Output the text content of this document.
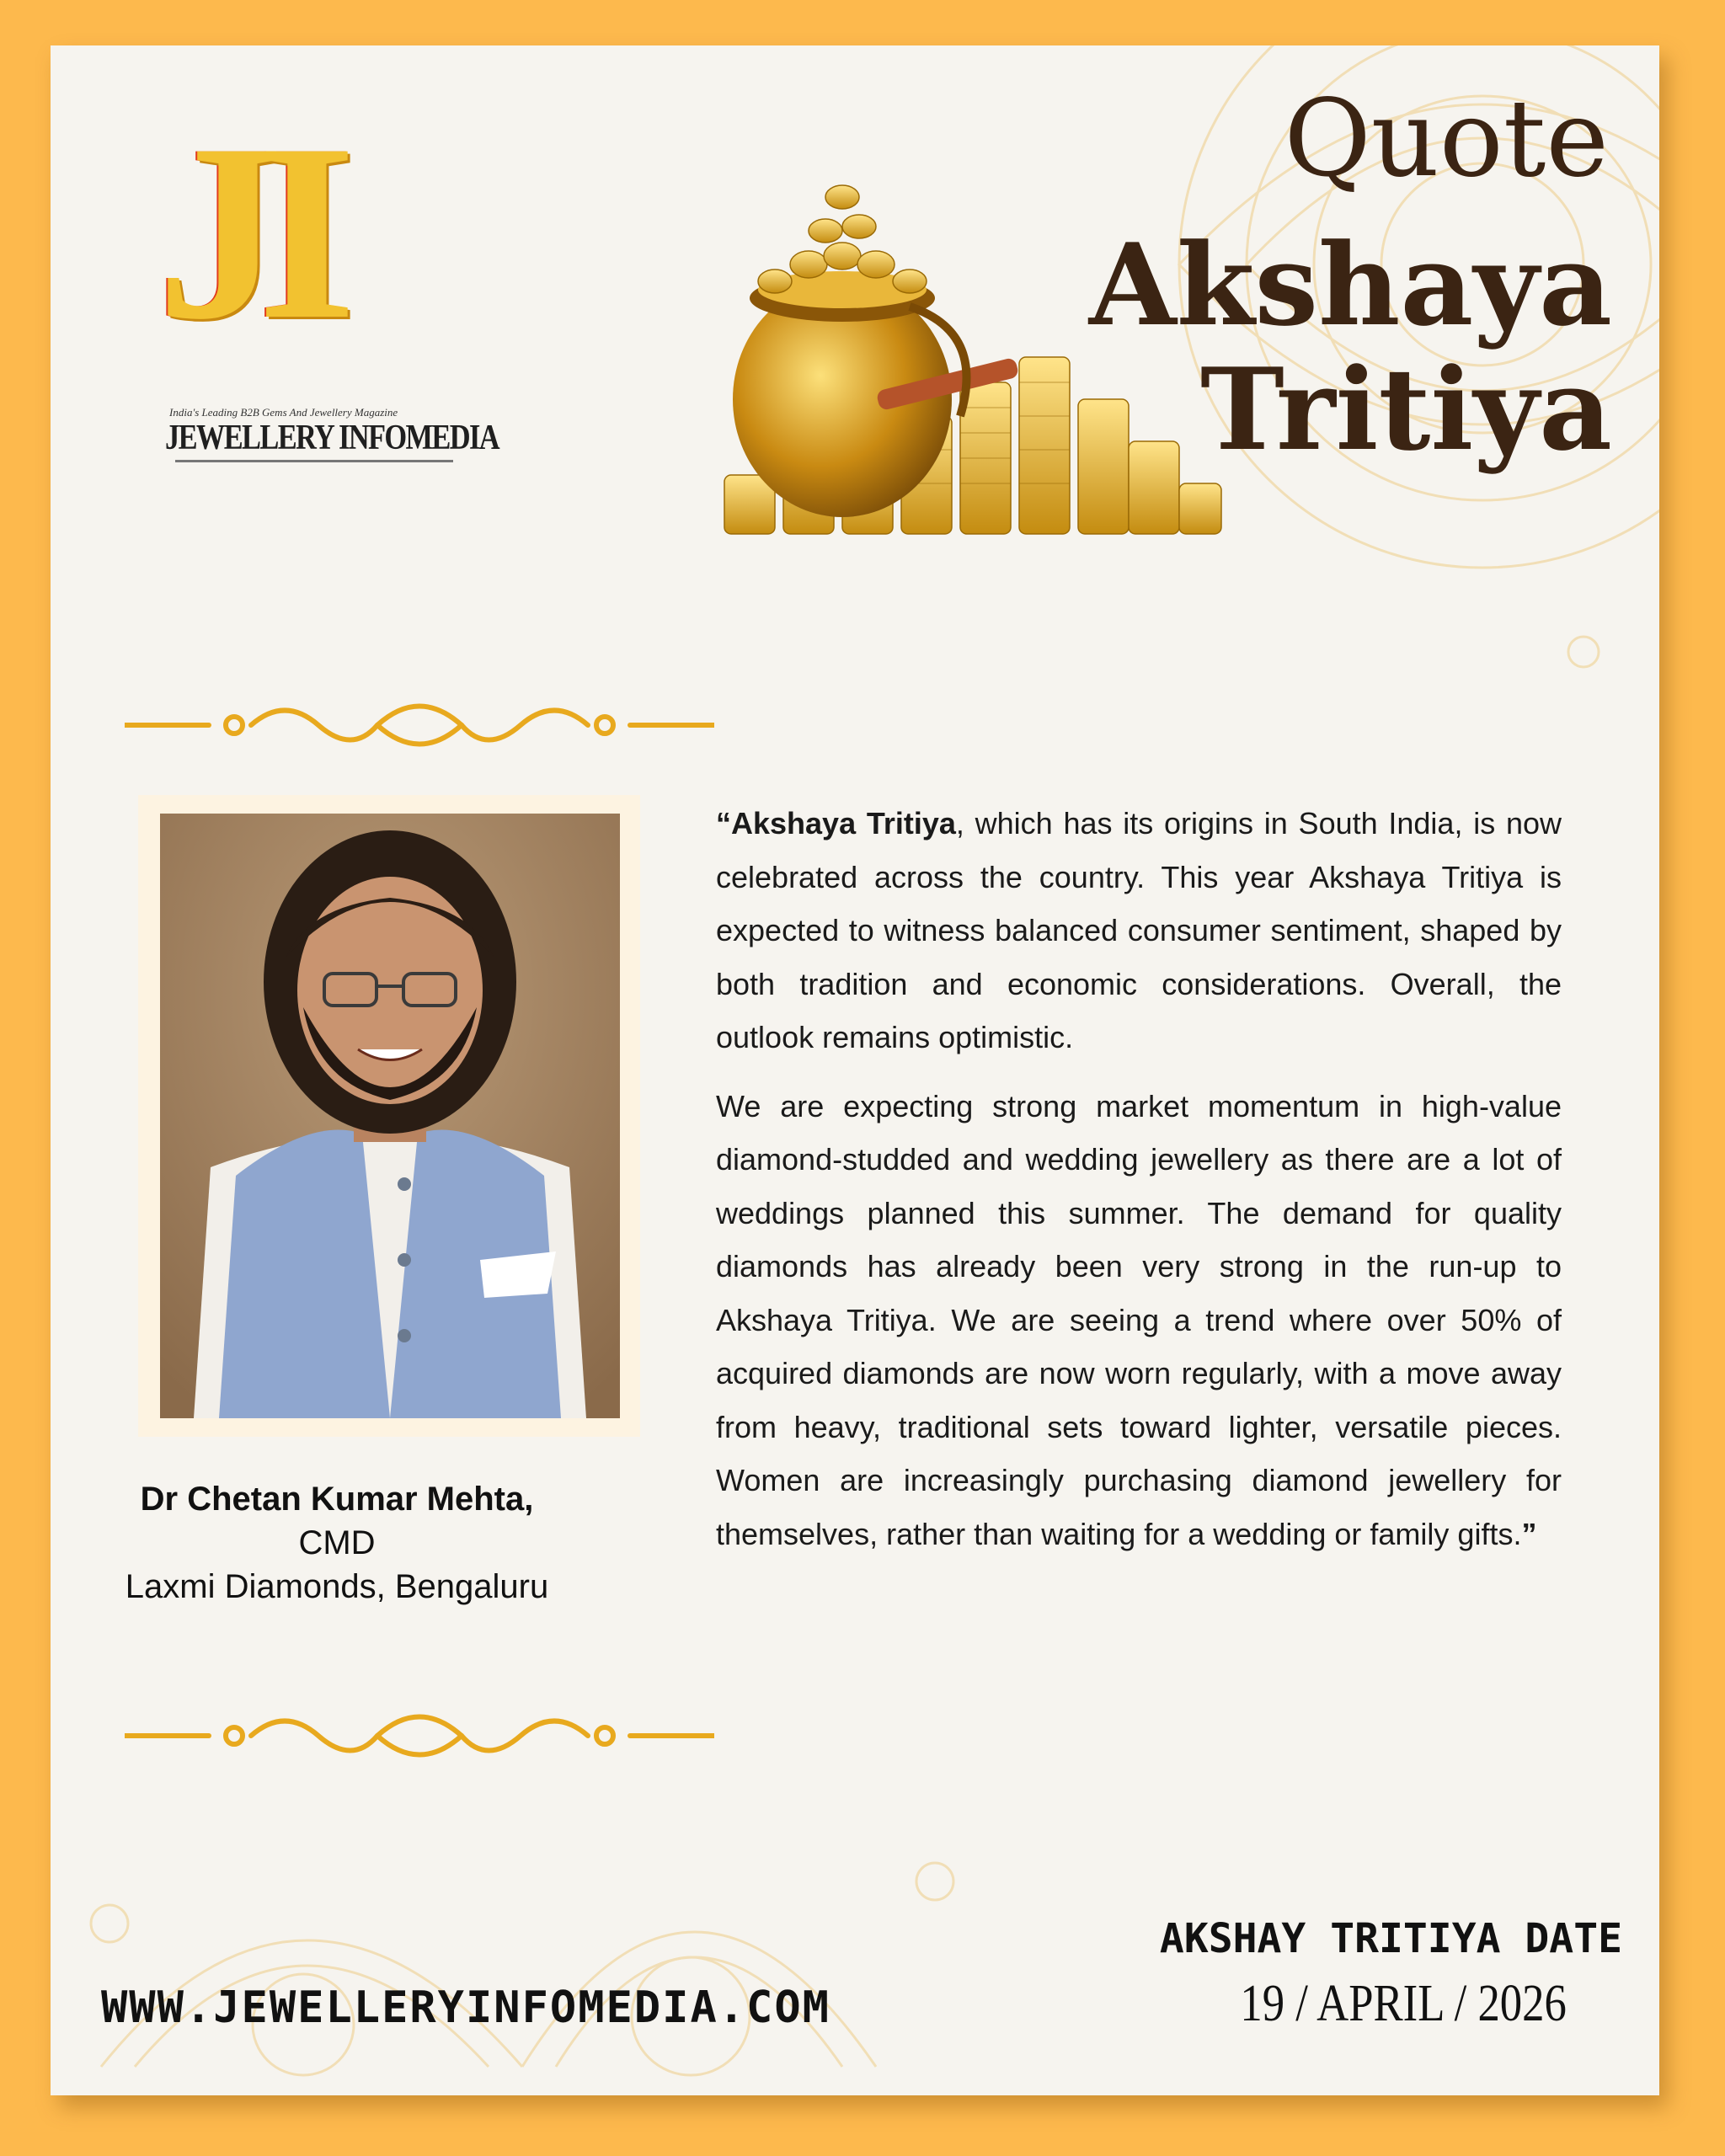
JI
India's Leading B2B Gems And Jewellery Magazine
JEWELLERY INFOMEDIA
Quote
Akshaya
Tritiya
Dr Chetan Kumar Mehta,
CMD
Laxmi Diamonds, Bengaluru

“Akshaya Tritiya, which has its origins in South India, is now celebrated across the country. This year Akshaya Tritiya is expected to witness balanced consumer sentiment, shaped by both tradition and economic considerations. Overall, the outlook remains optimistic.

We are expecting strong market momentum in high-value diamond-studded and wedding jewellery as there are a lot of weddings planned this summer. The demand for quality diamonds has already been very strong in the run-up to Akshaya Tritiya. We are seeing a trend where over 50% of acquired diamonds are now worn regularly, with a move away from heavy, traditional sets toward lighter, versatile pieces. Women are increasingly purchasing diamond jewellery for themselves, rather than waiting for a wedding or family gifts.”

WWW.JEWELLERYINFOMEDIA.COM
AKSHAY TRITIYA DATE
19 / APRIL / 2026
